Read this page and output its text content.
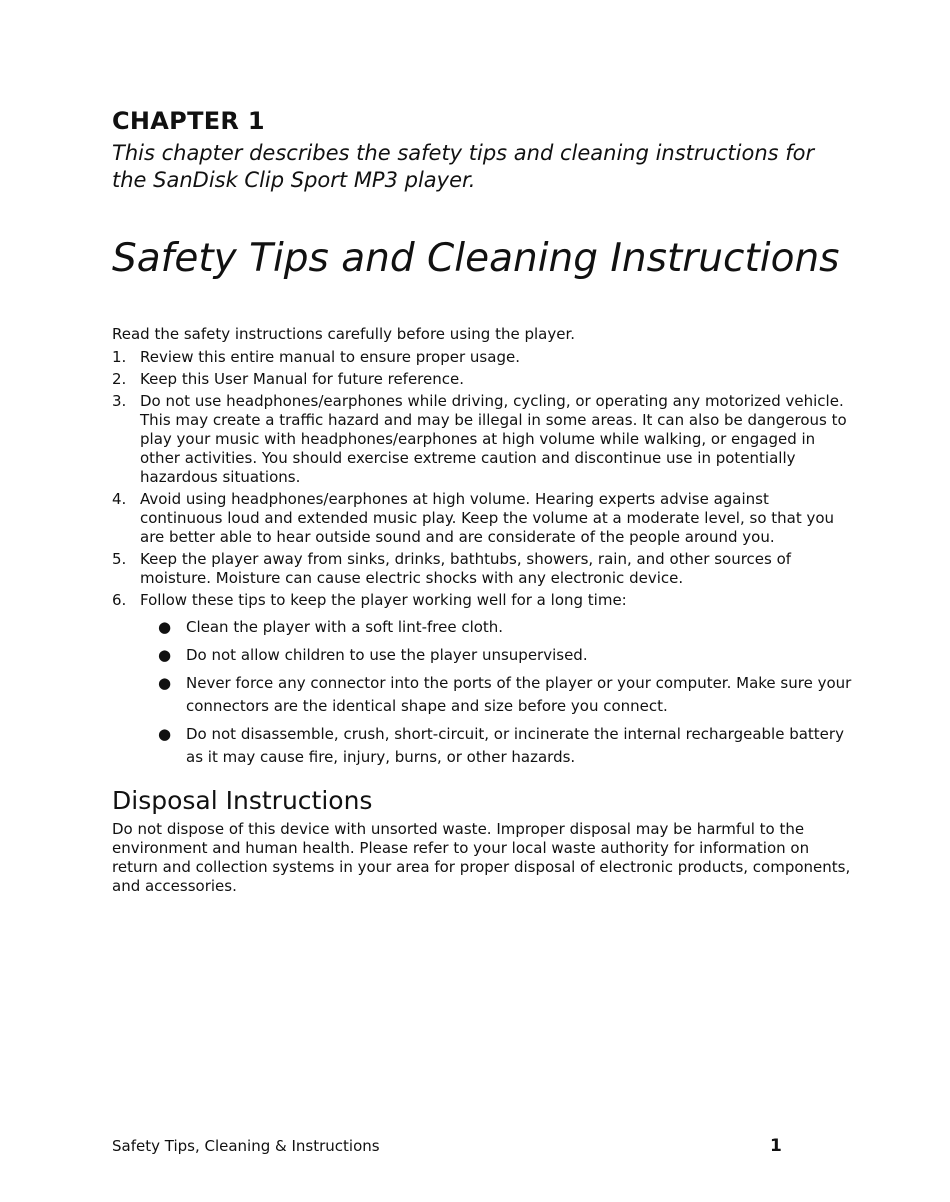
CHAPTER 1
This chapter describes the safety tips and cleaning instructions for
the SanDisk Clip Sport MP3 player.
Safety Tips and Cleaning Instructions

Read the safety instructions carefully before using the player.

1. Review this entire manual to ensure proper usage.
2. Keep this User Manual for future reference.
3. Do not use headphones/earphones while driving, cycling, or operating any motorized vehicle. This may create a traffic hazard and may be illegal in some areas. It can also be dangerous to play your music with headphones/earphones at high volume while walking, or engaged in other activities. You should exercise extreme caution and discontinue use in potentially hazardous situations.
4. Avoid using headphones/earphones at high volume. Hearing experts advise against continuous loud and extended music play. Keep the volume at a moderate level, so that you are better able to hear outside sound and are considerate of the people around you.
5. Keep the player away from sinks, drinks, bathtubs, showers, rain, and other sources of moisture. Moisture can cause electric shocks with any electronic device.
6. Follow these tips to keep the player working well for a long time:
● Clean the player with a soft lint-free cloth.
● Do not allow children to use the player unsupervised.
● Never force any connector into the ports of the player or your computer. Make sure your connectors are the identical shape and size before you connect.
● Do not disassemble, crush, short-circuit, or incinerate the internal rechargeable battery as it may cause fire, injury, burns, or other hazards.
Disposal Instructions

Do not dispose of this device with unsorted waste. Improper disposal may be harmful to the environment and human health. Please refer to your local waste authority for information on return and collection systems in your area for proper disposal of electronic products, components, and accessories.

Safety Tips, Cleaning & Instructions	1
